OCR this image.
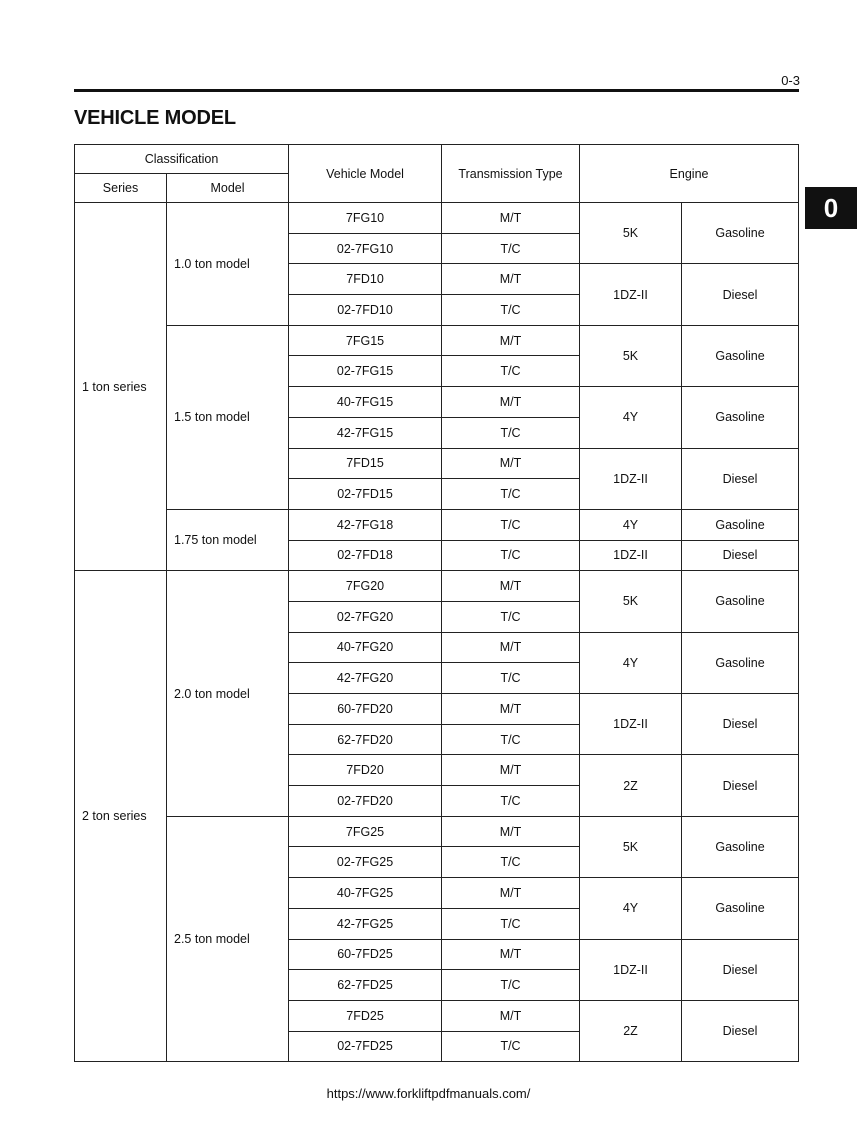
0-3
VEHICLE MODEL
0
Classification		Vehicle Model	Transmission Type	Engine	
Series	Model				
1 ton series	1.0 ton model	7FG10	M/T	5K	Gasoline
		02-7FG10	T/C		
		7FD10	M/T	1DZ-II	Diesel
		02-7FD10	T/C		
	1.5 ton model	7FG15	M/T	5K	Gasoline
		02-7FG15	T/C		
		40-7FG15	M/T	4Y	Gasoline
		42-7FG15	T/C		
		7FD15	M/T	1DZ-II	Diesel
		02-7FD15	T/C		
	1.75 ton model	42-7FG18	T/C	4Y	Gasoline
		02-7FD18	T/C	1DZ-II	Diesel
2 ton series	2.0 ton model	7FG20	M/T	5K	Gasoline
		02-7FG20	T/C		
		40-7FG20	M/T	4Y	Gasoline
		42-7FG20	T/C		
		60-7FD20	M/T	1DZ-II	Diesel
		62-7FD20	T/C		
		7FD20	M/T	2Z	Diesel
		02-7FD20	T/C		
	2.5 ton model	7FG25	M/T	5K	Gasoline
		02-7FG25	T/C		
		40-7FG25	M/T	4Y	Gasoline
		42-7FG25	T/C		
		60-7FD25	M/T	1DZ-II	Diesel
		62-7FD25	T/C		
		7FD25	M/T	2Z	Diesel
		02-7FD25	T/C		
https://www.forkliftpdfmanuals.com/
